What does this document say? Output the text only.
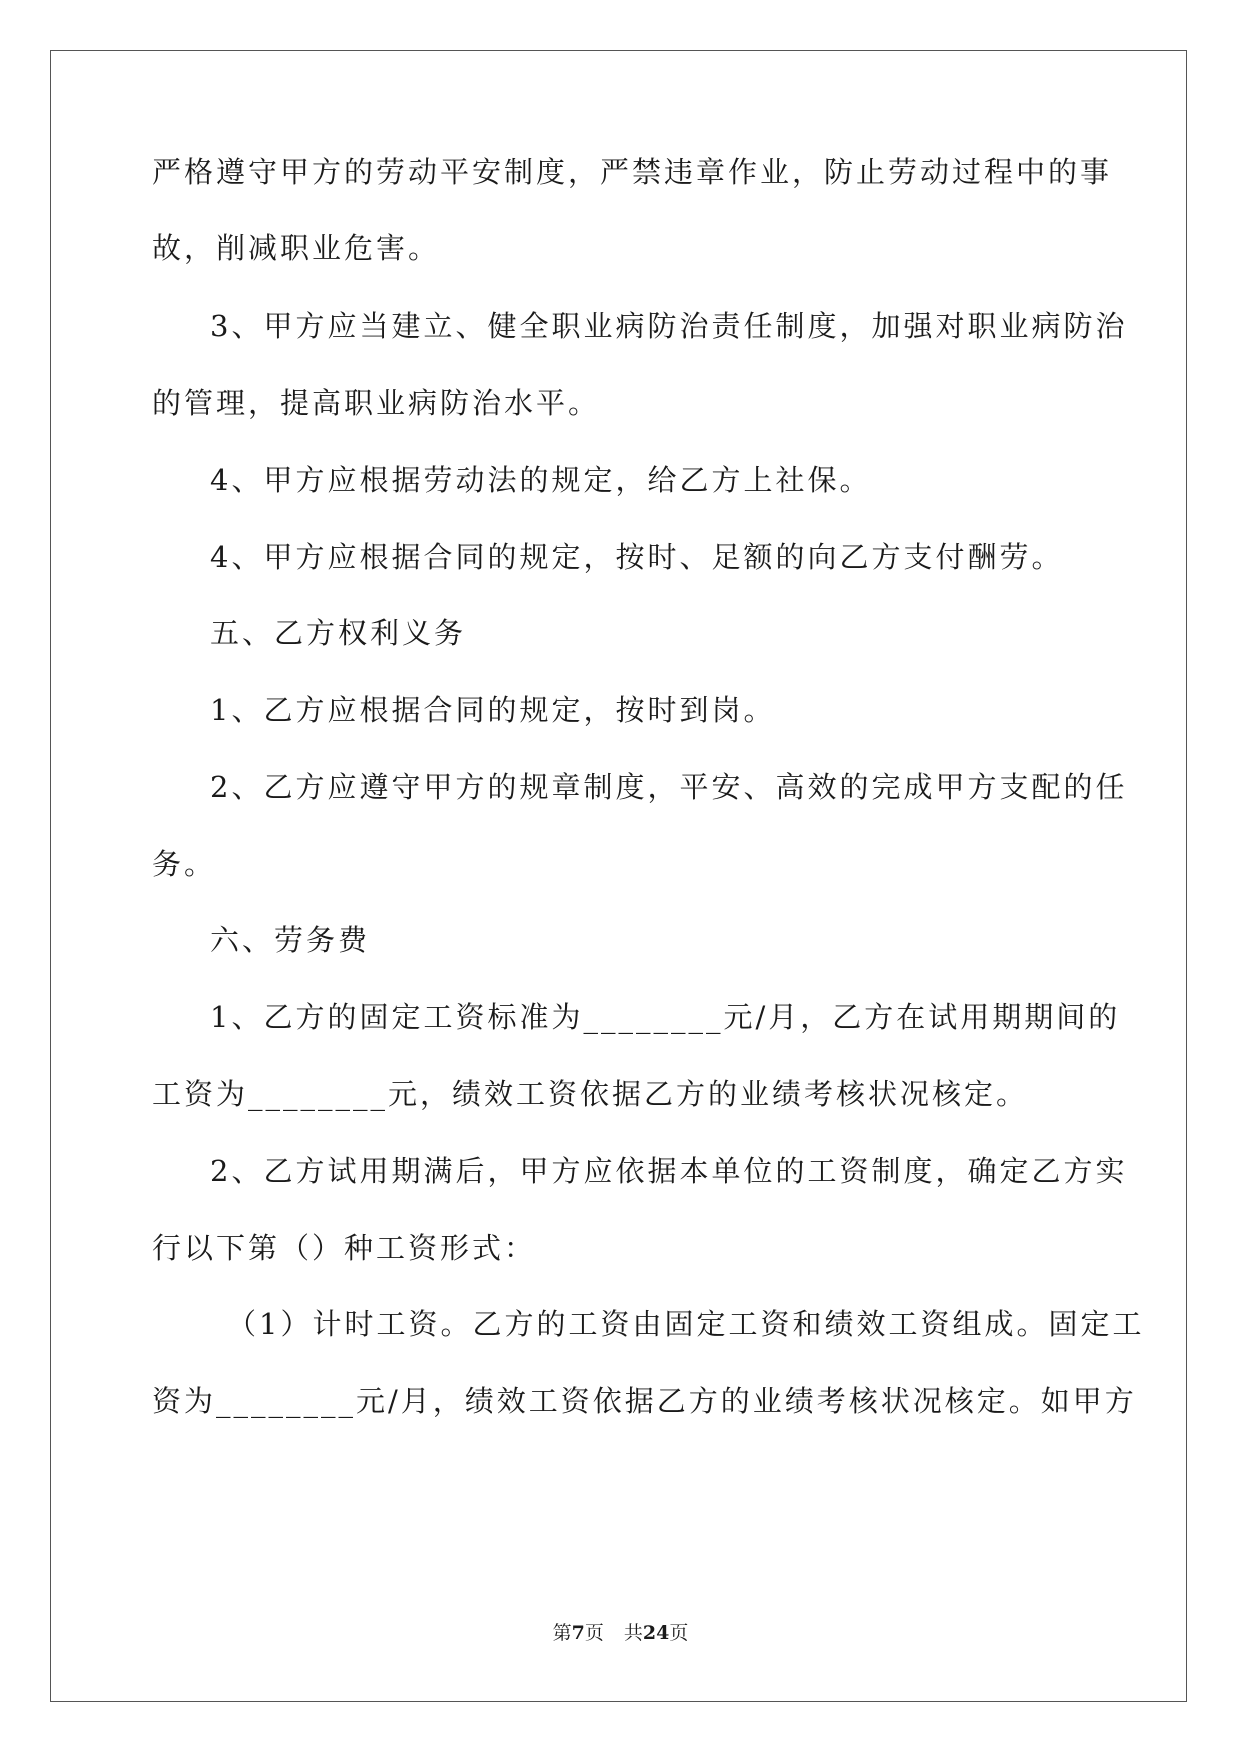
严格遵守甲方的劳动平安制度，严禁违章作业，防止劳动过程中的事
故，削减职业危害。
3、甲方应当建立、健全职业病防治责任制度，加强对职业病防治
的管理，提高职业病防治水平。
4、甲方应根据劳动法的规定，给乙方上社保。
4、甲方应根据合同的规定，按时、足额的向乙方支付酬劳。
五、乙方权利义务
1、乙方应根据合同的规定，按时到岗。
2、乙方应遵守甲方的规章制度，平安、高效的完成甲方支配的任
务。
六、劳务费
1、乙方的固定工资标准为________元/月，乙方在试用期期间的
工资为________元，绩效工资依据乙方的业绩考核状况核定。
2、乙方试用期满后，甲方应依据本单位的工资制度，确定乙方实
行以下第（）种工资形式：
（1）计时工资。乙方的工资由固定工资和绩效工资组成。固定工
资为________元/月，绩效工资依据乙方的业绩考核状况核定。如甲方
第7页 共24页
